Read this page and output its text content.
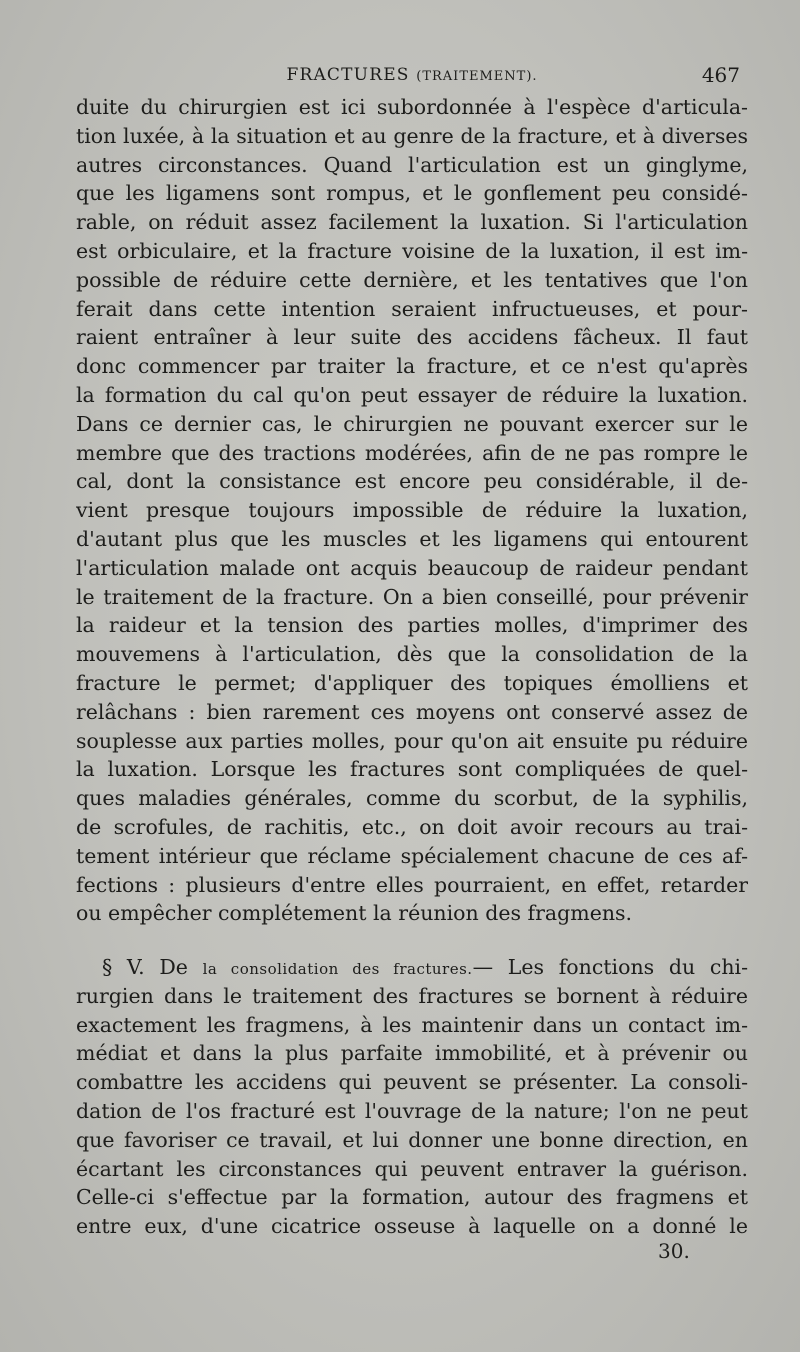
FRACTURES (TRAITEMENT).	467
duite du chirurgien est ici subordonnée à l'espèce d'articula-
tion luxée, à la situation et au genre de la fracture, et à diverses
autres circonstances. Quand l'articulation est un ginglyme,
que les ligamens sont rompus, et le gonflement peu considé-
rable, on réduit assez facilement la luxation. Si l'articulation
est orbiculaire, et la fracture voisine de la luxation, il est im-
possible de réduire cette dernière, et les tentatives que l'on
ferait dans cette intention seraient infructueuses, et pour-
raient entraîner à leur suite des accidens fâcheux. Il faut
donc commencer par traiter la fracture, et ce n'est qu'après
la formation du cal qu'on peut essayer de réduire la luxation.
Dans ce dernier cas, le chirurgien ne pouvant exercer sur le
membre que des tractions modérées, afin de ne pas rompre le
cal, dont la consistance est encore peu considérable, il de-
vient presque toujours impossible de réduire la luxation,
d'autant plus que les muscles et les ligamens qui entourent
l'articulation malade ont acquis beaucoup de raideur pendant
le traitement de la fracture. On a bien conseillé, pour prévenir
la raideur et la tension des parties molles, d'imprimer des
mouvemens à l'articulation, dès que la consolidation de la
fracture le permet; d'appliquer des topiques émolliens et
relâchans : bien rarement ces moyens ont conservé assez de
souplesse aux parties molles, pour qu'on ait ensuite pu réduire
la luxation. Lorsque les fractures sont compliquées de quel-
ques maladies générales, comme du scorbut, de la syphilis,
de scrofules, de rachitis, etc., on doit avoir recours au trai-
tement intérieur que réclame spécialement chacune de ces af-
fections : plusieurs d'entre elles pourraient, en effet, retarder
ou empêcher complétement la réunion des fragmens.
§ V. De la consolidation des fractures.— Les fonctions du chi-
rurgien dans le traitement des fractures se bornent à réduire
exactement les fragmens, à les maintenir dans un contact im-
médiat et dans la plus parfaite immobilité, et à prévenir ou
combattre les accidens qui peuvent se présenter. La consoli-
dation de l'os fracturé est l'ouvrage de la nature; l'on ne peut
que favoriser ce travail, et lui donner une bonne direction, en
écartant les circonstances qui peuvent entraver la guérison.
Celle-ci s'effectue par la formation, autour des fragmens et
entre eux, d'une cicatrice osseuse à laquelle on a donné le
30.
